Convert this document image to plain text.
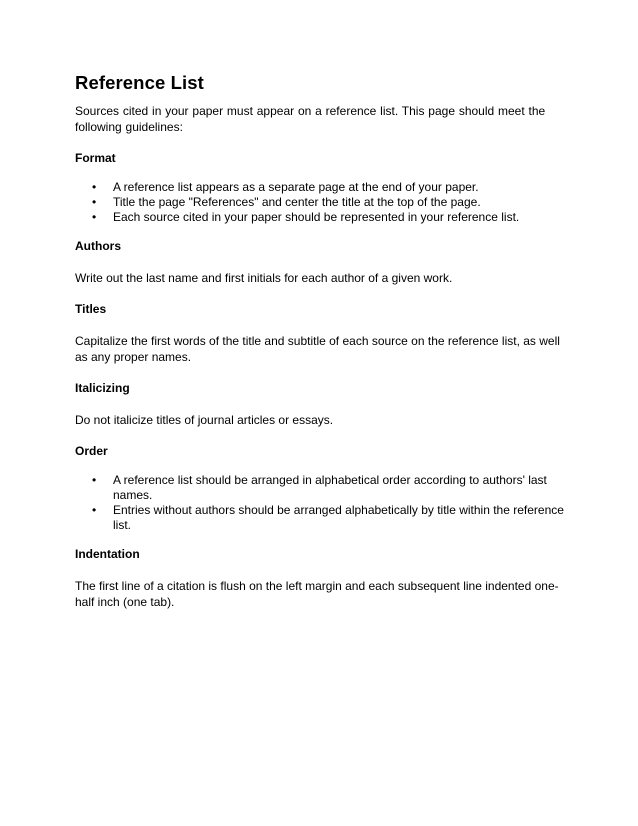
Reference List

Sources cited in your paper must appear on a reference list. This page should meet the following guidelines:

Format
• A reference list appears as a separate page at the end of your paper.
• Title the page "References" and center the title at the top of the page.
• Each source cited in your paper should be represented in your reference list.
Authors

Write out the last name and first initials for each author of a given work.

Titles

Capitalize the first words of the title and subtitle of each source on the reference list, as well as any proper names.

Italicizing

Do not italicize titles of journal articles or essays.

Order
• A reference list should be arranged in alphabetical order according to authors' last names.
• Entries without authors should be arranged alphabetically by title within the reference list.
Indentation

The first line of a citation is flush on the left margin and each subsequent line indented one-half inch (one tab).
